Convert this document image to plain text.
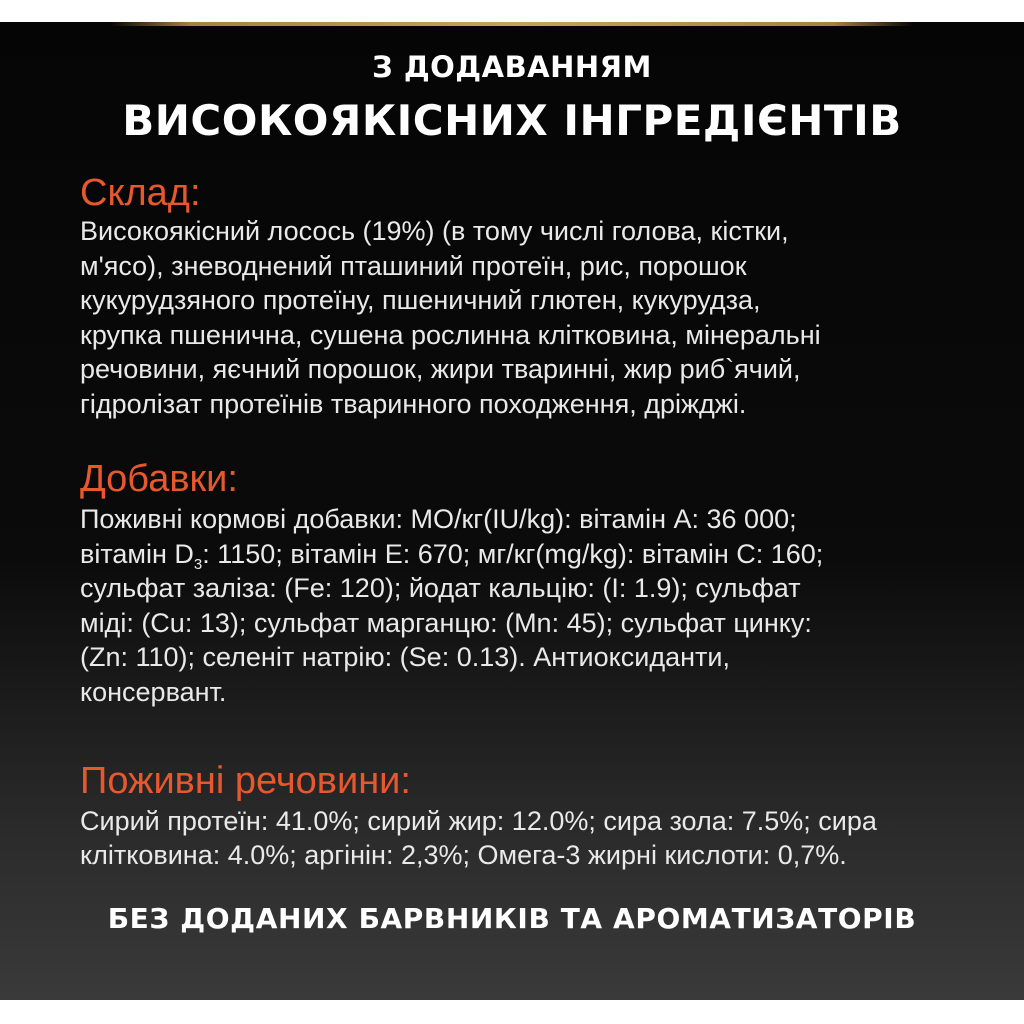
З ДОДАВАННЯМ
ВИСОКОЯКІСНИХ ІНГРЕДІЄНТІВ
Склад:
Високоякісний лосось (19%) (в тому числі голова, кістки,
м'ясо), зневоднений пташиний протеїн, рис, порошок
кукурудзяного протеїну, пшеничний глютен, кукурудза,
крупка пшенична, сушена рослинна клітковина, мінеральні
речовини, яєчний порошок, жири тваринні, жир риб`ячий,
гідролізат протеїнів тваринного походження, дріжджі.
Добавки:
Поживні кормові добавки: МО/кг(IU/kg): вітамін А: 36 000;
вітамін $D_3$: 1150; вітамін Е: 670; мг/кг(mg/kg): вітамін С: 160;
сульфат заліза: (Fe: 120); йодат кальцію: (I: 1.9); сульфат
міді: (Cu: 13); сульфат марганцю: (Mn: 45); сульфат цинку:
(Zn: 110); селеніт натрію: (Se: 0.13). Антиоксиданти,
консервант.
Поживні речовини:
Сирий протеїн: 41.0%; сирий жир: 12.0%; сира зола: 7.5%; сира
клітковина: 4.0%; аргінін: 2,3%; Омега-3 жирні кислоти: 0,7%.
БЕЗ ДОДАНИХ БАРВНИКІВ ТА АРОМАТИЗАТОРІВ
